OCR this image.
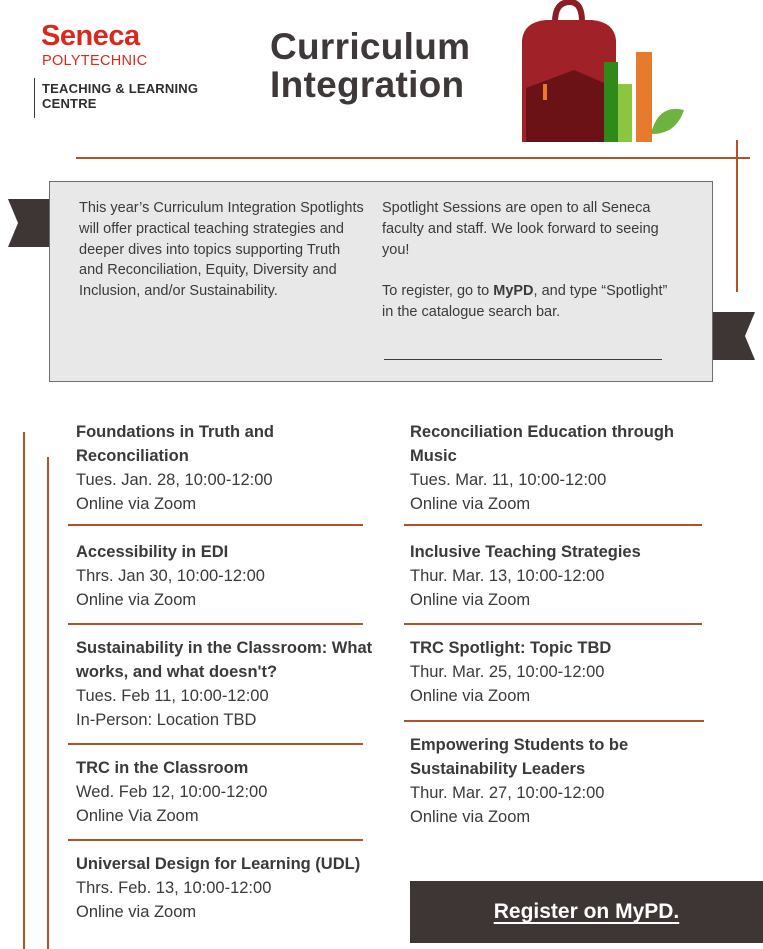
Seneca
POLYTECHNIC
TEACHING & LEARNING
CENTRE
Curriculum
Integration
This year’s Curriculum Integration Spotlights will offer practical teaching strategies and deeper dives into topics supporting Truth and Reconciliation, Equity, Diversity and Inclusion, and/or Sustainability.
Spotlight Sessions are open to all Seneca faculty and staff. We look forward to seeing you!
To register, go to MyPD, and type “Spotlight” in the catalogue search bar.
Foundations in Truth and Reconciliation
Tues. Jan. 28, 10:00-12:00
Online via Zoom
Accessibility in EDI
Thrs. Jan 30, 10:00-12:00
Online via Zoom
Sustainability in the Classroom: What works, and what doesn't?
Tues. Feb 11, 10:00-12:00
In-Person: Location TBD
TRC in the Classroom
Wed. Feb 12, 10:00-12:00
Online Via Zoom
Universal Design for Learning (UDL)
Thrs. Feb. 13, 10:00-12:00
Online via Zoom
Reconciliation Education through Music
Tues. Mar. 11, 10:00-12:00
Online via Zoom
Inclusive Teaching Strategies
Thur. Mar. 13, 10:00-12:00
Online via Zoom
TRC Spotlight: Topic TBD
Thur. Mar. 25, 10:00-12:00
Online via Zoom
Empowering Students to be Sustainability Leaders
Thur. Mar. 27, 10:00-12:00
Online via Zoom
Register on MyPD.
